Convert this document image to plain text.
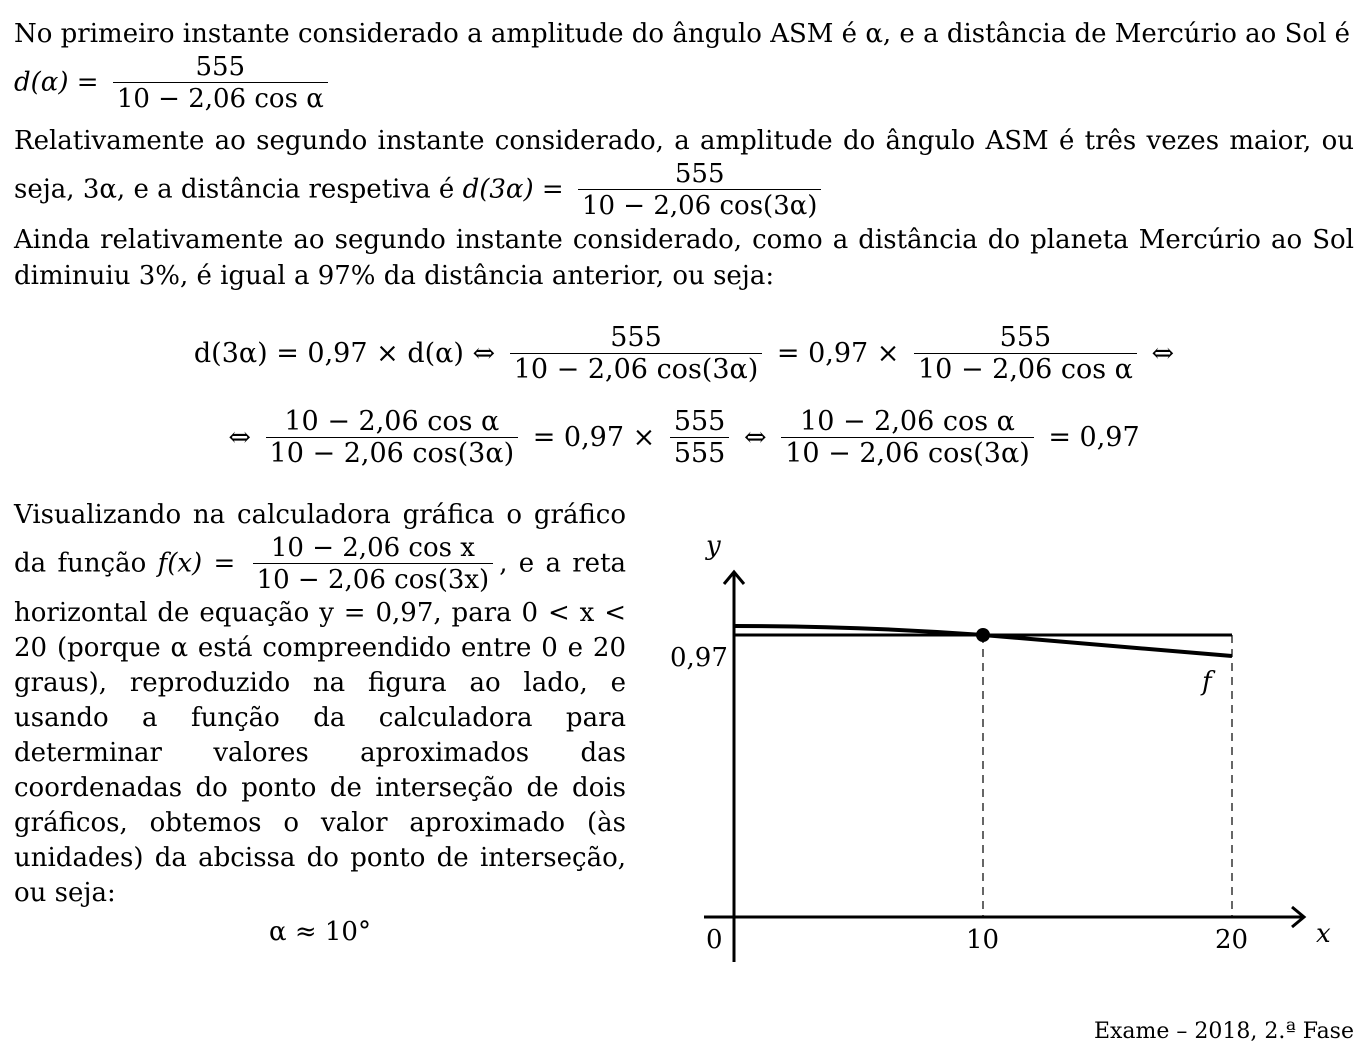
No primeiro instante considerado a amplitude do ângulo ASM é α, e a distância de Mercúrio ao Sol é
$d(\alpha) = \frac{555}{\text{10 − 2,06 cos α}}$

Relativamente ao segundo instante considerado, a amplitude do ângulo ASM é três vezes maior, ou seja, 3α, e a distância respetiva é $d(3\alpha) = \frac{555}{10 - 2,06 \cos(3\alpha)}$

Ainda relativamente ao segundo instante considerado, como a distância do planeta Mercúrio ao Sol diminuiu 3%, é igual a 97% da distância anterior, ou seja:

d(3α) = 0,97 × d(α) ⇔ $\frac{555}{10 - 2,06 \cos(3\alpha)} = 0,97 \times \frac{555}{\text{10 − 2,06 cos α}}$ ⇔
⇔ $\frac{\text{10 − 2,06 cos α}}{10 - 2,06 \cos(3\alpha)} = 0,97 \times \frac{555}{555}$ ⇔ $\frac{\text{10 − 2,06 cos α}}{10 - 2,06 \cos(3\alpha)} = 0,97$

Visualizando na calculadora gráfica o gráfico da função $f(x) = \frac{\text{10 − 2,06 cos x}}{10 - 2,06 \cos(3x)}$ , e a reta horizontal de equação y = 0,97, para 0 < x < 20 (porque α está compreendido entre 0 e 20 graus), reproduzido na figura ao lado, e usando a função da calculadora para determinar valores aproximados das coordenadas do ponto de interseção de dois gráficos, obtemos o valor aproximado (às unidades) da abcissa do ponto de interseção, ou seja:

α ≈ 10°
y
x
0
0,97
10	20
f
Exame – 2018, 2.ª Fase
